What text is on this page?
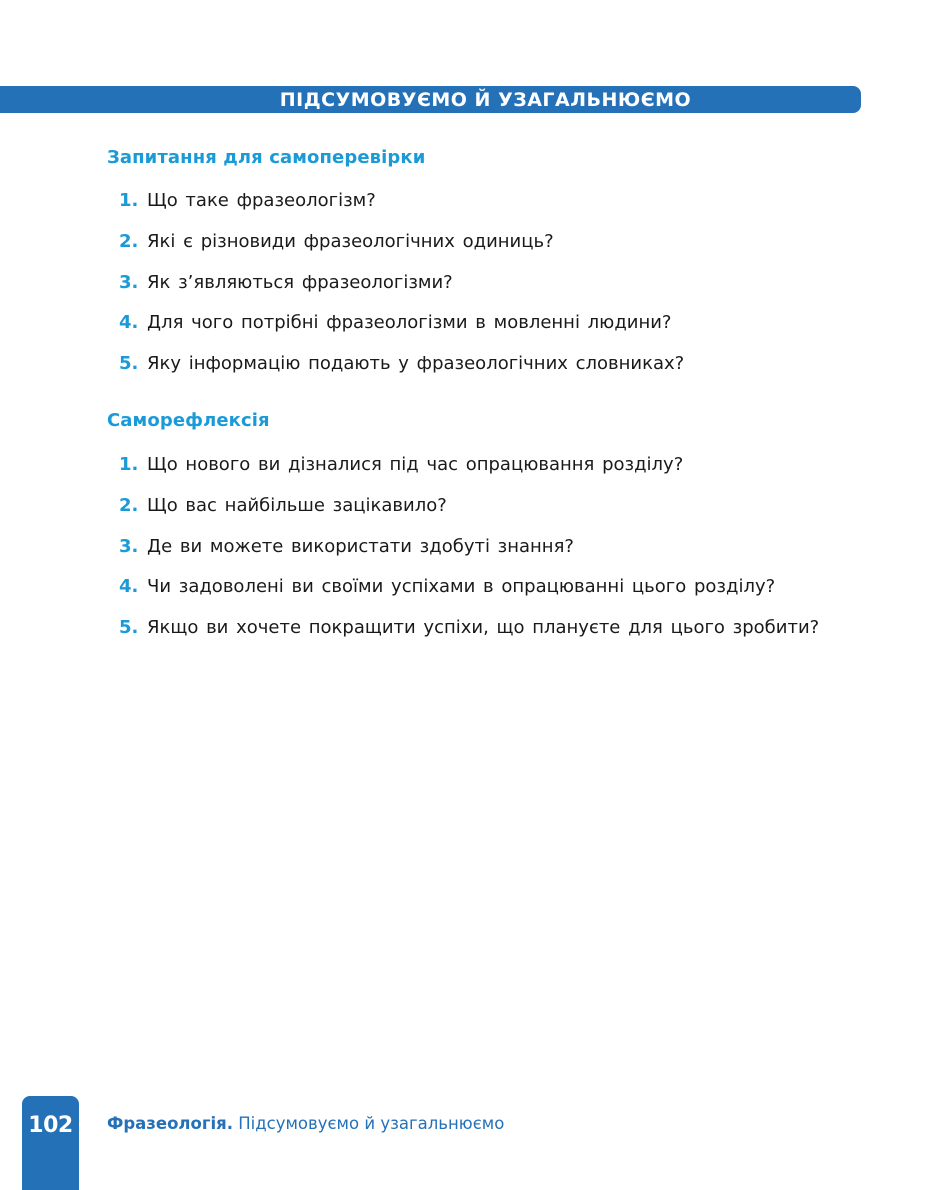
ПІДСУМОВУЄМО Й УЗАГАЛЬНЮЄМО
Запитання для самоперевірки
1. Що таке фразеологізм?
2. Які є різновиди фразеологічних одиниць?
3. Як з’являються фразеологізми?
4. Для чого потрібні фразеологізми в мовленні людини?
5. Яку інформацію подають у фразеологічних словниках?
Саморефлексія
1. Що нового ви дізналися під час опрацювання розділу?
2. Що вас найбільше зацікавило?
3. Де ви можете використати здобуті знання?
4. Чи задоволені ви своїми успіхами в опрацюванні цього розділу?
5. Якщо ви хочете покращити успіхи, що плануєте для цього зробити?
102 Фразеологія. Підсумовуємо й узагальнюємо
